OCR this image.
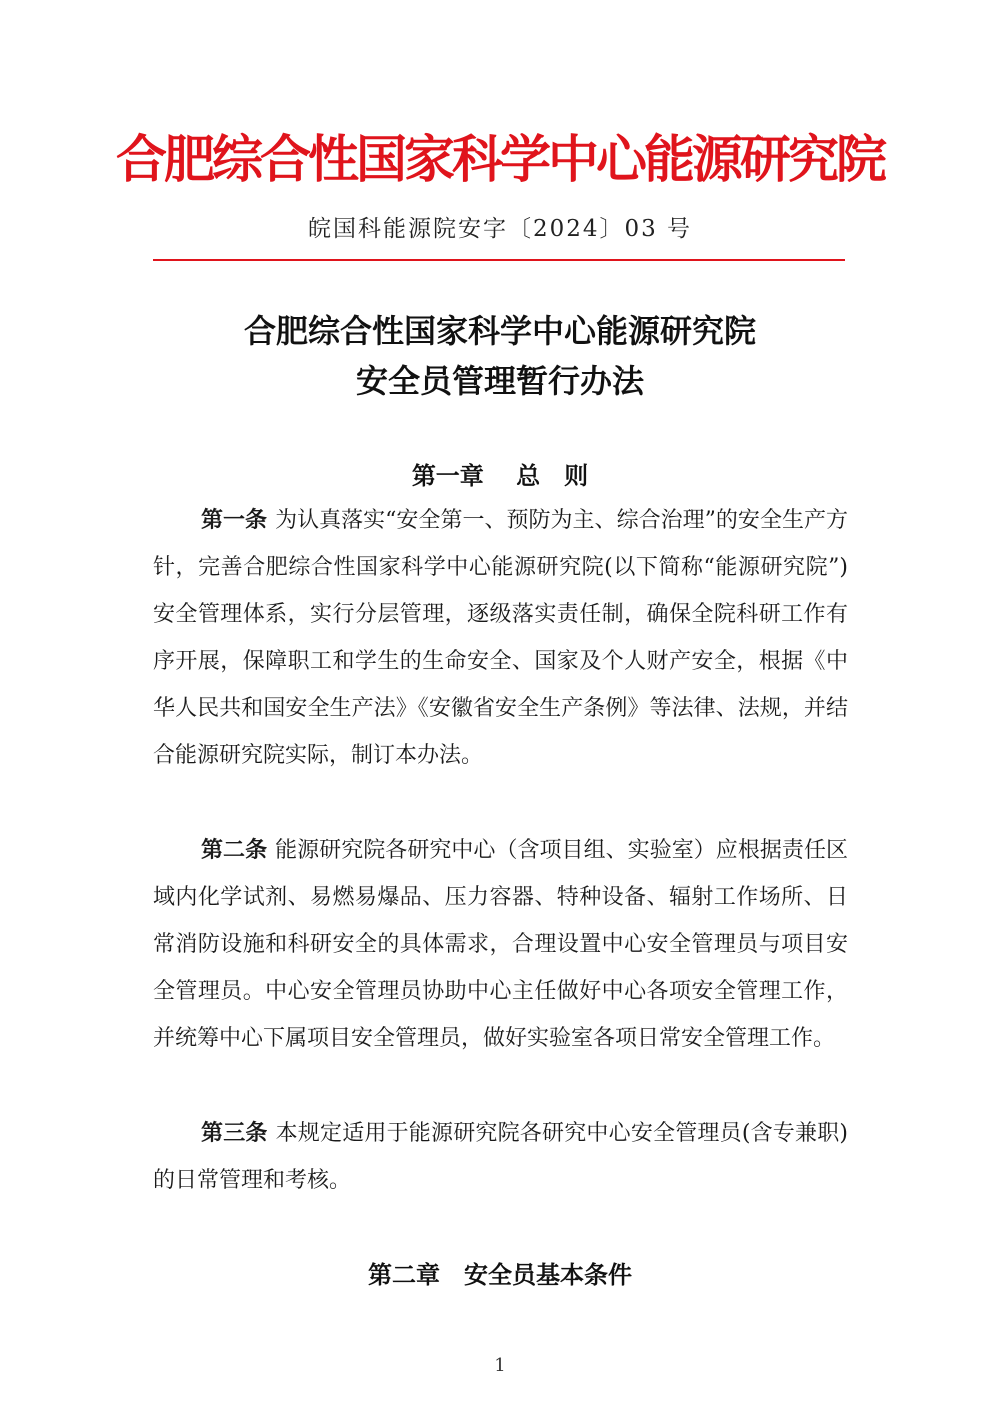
合肥综合性国家科学中心能源研究院
皖国科能源院安字〔2024〕03 号
合肥综合性国家科学中心能源研究院
安全员管理暂行办法
第一章　 总　则

第一条 为认真落实“安全第一、预防为主、综合治理”的安全生产方针，完善合肥综合性国家科学中心能源研究院(以下简称“能源研究院”)安全管理体系，实行分层管理，逐级落实责任制，确保全院科研工作有序开展，保障职工和学生的生命安全、国家及个人财产安全，根据《中华人民共和国安全生产法》《安徽省安全生产条例》等法律、法规，并结合能源研究院实际，制订本办法。

第二条 能源研究院各研究中心（含项目组、实验室）应根据责任区域内化学试剂、易燃易爆品、压力容器、特种设备、辐射工作场所、日常消防设施和科研安全的具体需求，合理设置中心安全管理员与项目安全管理员。中心安全管理员协助中心主任做好中心各项安全管理工作，并统筹中心下属项目安全管理员，做好实验室各项日常安全管理工作。

第三条 本规定适用于能源研究院各研究中心安全管理员(含专兼职)的日常管理和考核。

第二章　安全员基本条件
1
